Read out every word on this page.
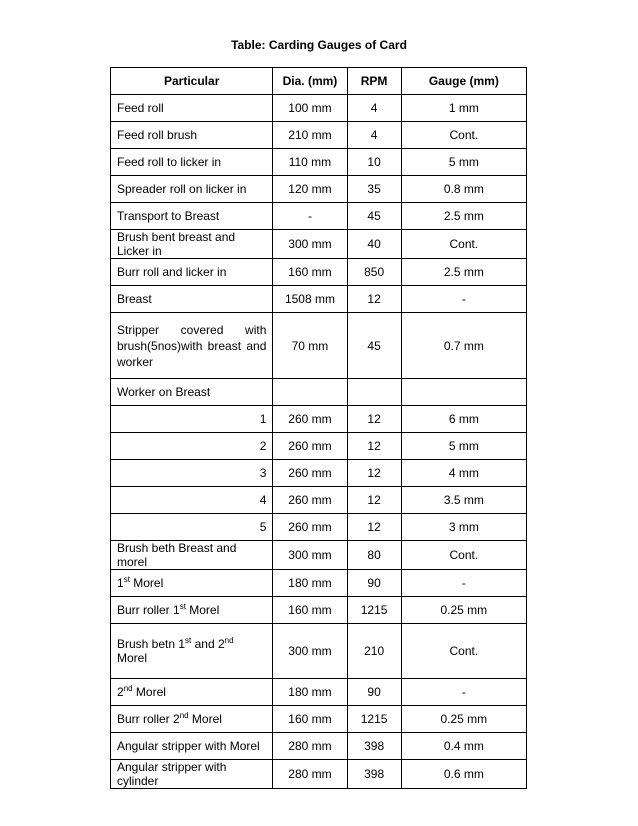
Table: Carding Gauges of Card
Particular	Dia. (mm)	RPM	Gauge (mm)
Feed roll	100 mm	4	1 mm
Feed roll brush	210 mm	4	Cont.
Feed roll to licker in	110 mm	10	5 mm
Spreader roll on licker in	120 mm	35	0.8 mm
Transport to Breast	-	45	2.5 mm
Brush bent breast and Licker in	300 mm	40	Cont.
Burr roll and licker in	160 mm	850	2.5 mm
Breast	1508 mm	12	-
Stripper covered with brush(5nos)with breast and worker	70 mm	45	0.7 mm
Worker on Breast			
1	260 mm	12	6 mm
2	260 mm	12	5 mm
3	260 mm	12	4 mm
4	260 mm	12	3.5 mm
5	260 mm	12	3 mm
Brush beth Breast and morel	300 mm	80	Cont.
1st Morel	180 mm	90	-
Burr roller 1st Morel	160 mm	1215	0.25 mm
Brush betn 1st and 2nd Morel	300 mm	210	Cont.
2nd Morel	180 mm	90	-
Burr roller 2nd Morel	160 mm	1215	0.25 mm
Angular stripper with Morel	280 mm	398	0.4 mm
Angular stripper with cylinder	280 mm	398	0.6 mm
